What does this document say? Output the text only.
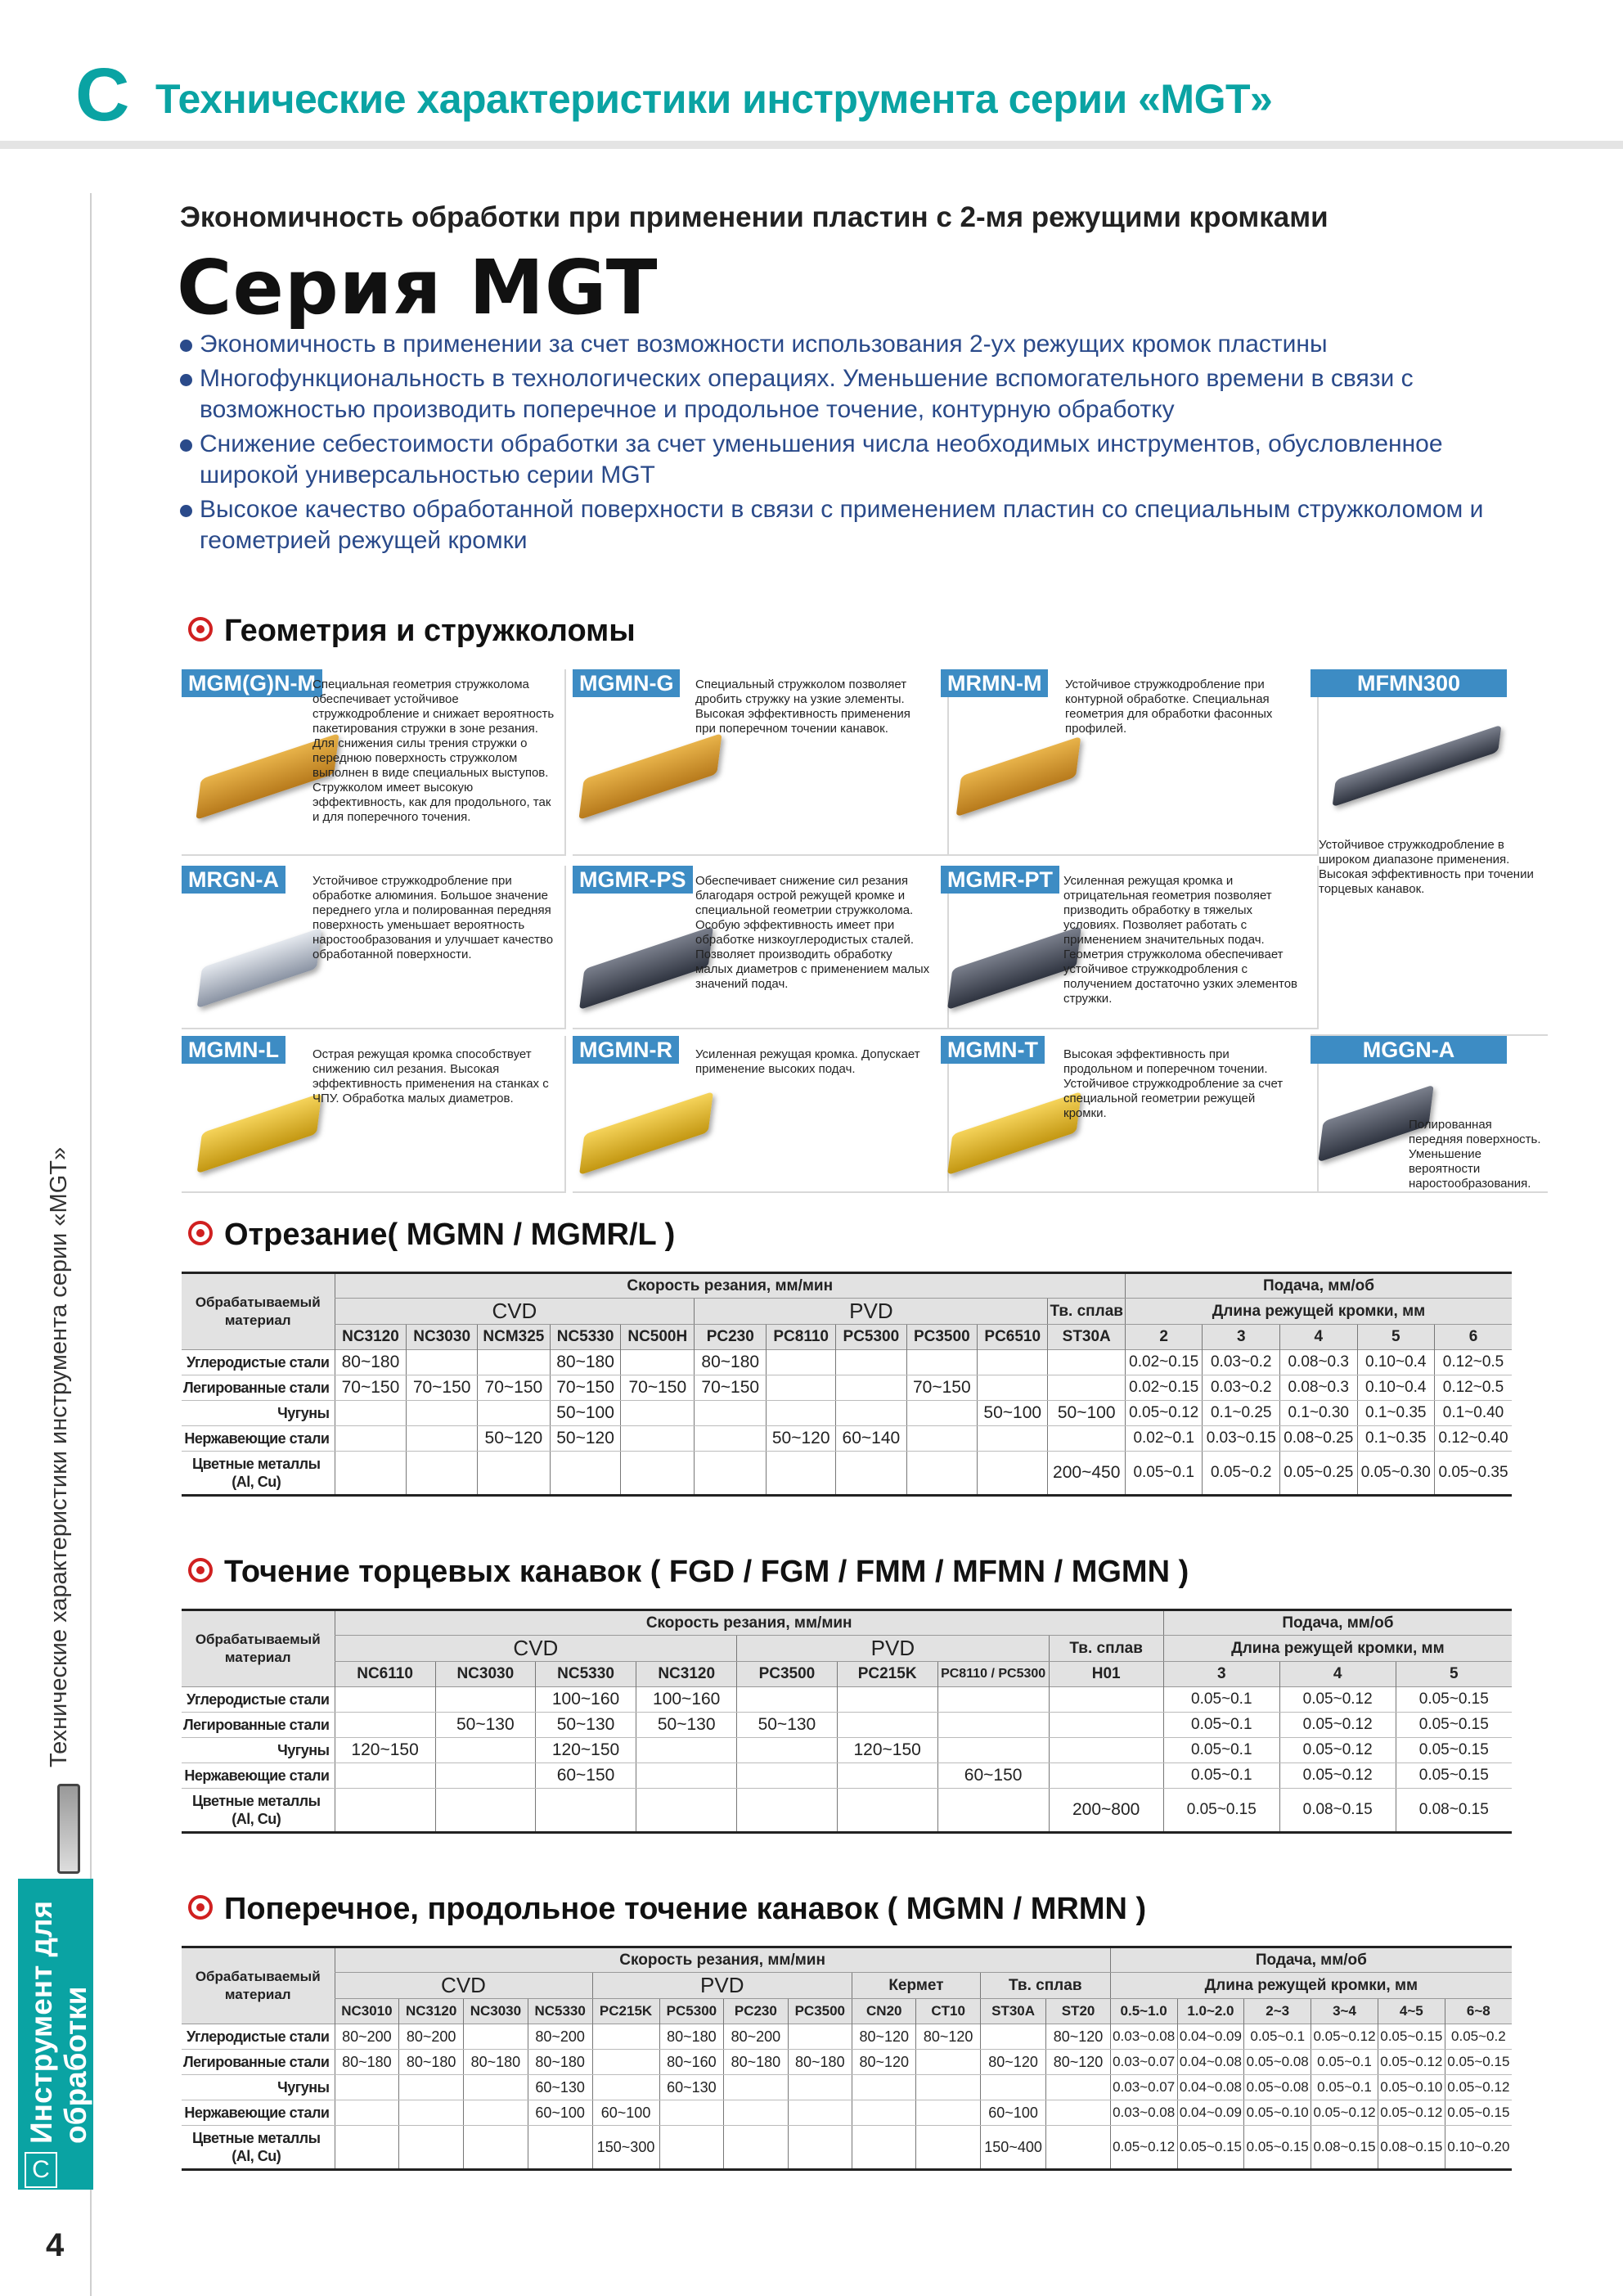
C Технические характеристики инструмента серии «MGT»
Технические характеристики инструмента серии «MGT»
Инструмент для обработки канавок
C
4
Экономичность обработки при применении пластин с 2-мя режущими кромками
Серия MGT
Экономичность в применении за счет возможности использования 2-ух режущих кромок пластины
Многофункциональность в технологических операциях. Уменьшение вспомогательного времени в связи с возможностью производить поперечное и продольное точение, контурную обработку
Снижение себестоимости обработки за счет уменьшения числа необходимых инструментов, обусловленное широкой универсальностью серии MGT
Высокое качество обработанной поверхности в связи с применением пластин со специальным стружколомом и геометрией режущей кромки
Геометрия и стружколомы
MGM(G)N-M
Специальная геометрия стружколома обеспечивает устойчивое стружкодробление и снижает вероятность пакетирования стружки в зоне резания. Для снижения силы трения стружки о переднюю поверхность стружколом выполнен в виде специальных выступов. Стружколом имеет высокую эффективность, как для продольного, так и для поперечного точения.
MGMN-G	Специальный стружколом позволяет дробить стружку на узкие элементы. Высокая эффективность применения при поперечном точении канавок.
MRMN-M	Устойчивое стружкодробление при контурной обработке. Специальная геометрия для обработки фасонных профилей.
MFMN300
Устойчивое стружкодробление в широком диапазоне применения. Высокая эффективность при точении торцевых канавок.
MRGN-A	Устойчивое стружкодробление при обработке алюминия. Большое значение переднего угла и полированная передняя поверхность уменьшает вероятность наростообразования и улучшает качество обработанной поверхности.
MGMR-PS Обеспечивает снижение сил резания благодаря острой режущей кромке и специальной геометрии стружколома. Особую эффективность имеет при обработке низкоуглеродистых сталей. Позволяет производить обработку малых диаметров с применением малых значений подач.
MGMR-PT Усиленная режущая кромка и отрицательная геометрия позволяет призводить обработку в тяжелых условиях. Позволяет работать с применением значительных подач. Геометрия стружколома обеспечивает устойчивое стружкодробления с получением достаточно узких элементов стружки.
MGMN-L	Острая режущая кромка способствует снижению сил резания. Высокая эффективность применения на станках с ЧПУ. Обработка малых диаметров.
MGMN-R	Усиленная режущая кромка. Допускает применение высоких подач.
MGMN-T	Высокая эффективность при продольном и поперечном точении. Устойчивое стружкодробление за счет специальной геометрии режущей кромки.
MGGN-A
Полированная передняя поверхность. Уменьшение вероятности наростообразования.
Отрезание( MGMN / MGMR/L )
Обрабатываемый материал	Скорость резания, мм/мин											Подача, мм/об				
	CVD					PVD					Тв. сплав	Длина режущей кромки, мм				
	NC3120	NC3030	NCM325	NC5330	NC500H	PC230	PC8110	PC5300	PC3500	PC6510	ST30A	2	3	4	5	6
Углеродистые стали	80~180			80~180		80~180						0.02~0.15	0.03~0.2	0.08~0.3	0.10~0.4	0.12~0.5
Легированные стали	70~150	70~150	70~150	70~150	70~150	70~150			70~150			0.02~0.15	0.03~0.2	0.08~0.3	0.10~0.4	0.12~0.5
Чугуны				50~100						50~100	50~100	0.05~0.12	0.1~0.25	0.1~0.30	0.1~0.35	0.1~0.40
Нержавеющие стали			50~120	50~120			50~120	60~140				0.02~0.1	0.03~0.15	0.08~0.25	0.1~0.35	0.12~0.40
Цветные металлы (Al, Cu)											200~450	0.05~0.1	0.05~0.2	0.05~0.25	0.05~0.30	0.05~0.35
Точение торцевых канавок ( FGD / FGM / FMM / MFMN / MGMN )
Обрабатываемый материал	Скорость резания, мм/мин								Подача, мм/об		
	CVD				PVD			Тв. сплав	Длина режущей кромки, мм		
	NC6110	NC3030	NC5330	NC3120	PC3500	PC215K	PC8110 / PC5300	H01	3	4	5
Углеродистые стали			100~160	100~160					0.05~0.1	0.05~0.12	0.05~0.15
Легированные стали		50~130	50~130	50~130	50~130				0.05~0.1	0.05~0.12	0.05~0.15
Чугуны	120~150		120~150			120~150			0.05~0.1	0.05~0.12	0.05~0.15
Нержавеющие стали			60~150				60~150		0.05~0.1	0.05~0.12	0.05~0.15
Цветные металлы (Al, Cu)								200~800	0.05~0.15	0.08~0.15	0.08~0.15
Поперечное, продольное точение канавок ( MGMN / MRMN )
Обрабатываемый материал	Скорость резания, мм/мин												Подача, мм/об					
	CVD				PVD				Кермет		Тв. сплав		Длина режущей кромки, мм					
	NC3010	NC3120	NC3030	NC5330	PC215K	PC5300	PC230	PC3500	CN20	CT10	ST30A	ST20	0.5~1.0	1.0~2.0	2~3	3~4	4~5	6~8
Углеродистые стали	80~200	80~200		80~200		80~180	80~200		80~120	80~120		80~120	0.03~0.08	0.04~0.09	0.05~0.1	0.05~0.12	0.05~0.15	0.05~0.2
Легированные стали	80~180	80~180	80~180	80~180		80~160	80~180	80~180	80~120		80~120	80~120	0.03~0.07	0.04~0.08	0.05~0.08	0.05~0.1	0.05~0.12	0.05~0.15
Чугуны				60~130		60~130							0.03~0.07	0.04~0.08	0.05~0.08	0.05~0.1	0.05~0.10	0.05~0.12
Нержавеющие стали				60~100	60~100						60~100		0.03~0.08	0.04~0.09	0.05~0.10	0.05~0.12	0.05~0.12	0.05~0.15
Цветные металлы (Al, Cu)					150~300						150~400		0.05~0.12	0.05~0.15	0.05~0.15	0.08~0.15	0.08~0.15	0.10~0.20
